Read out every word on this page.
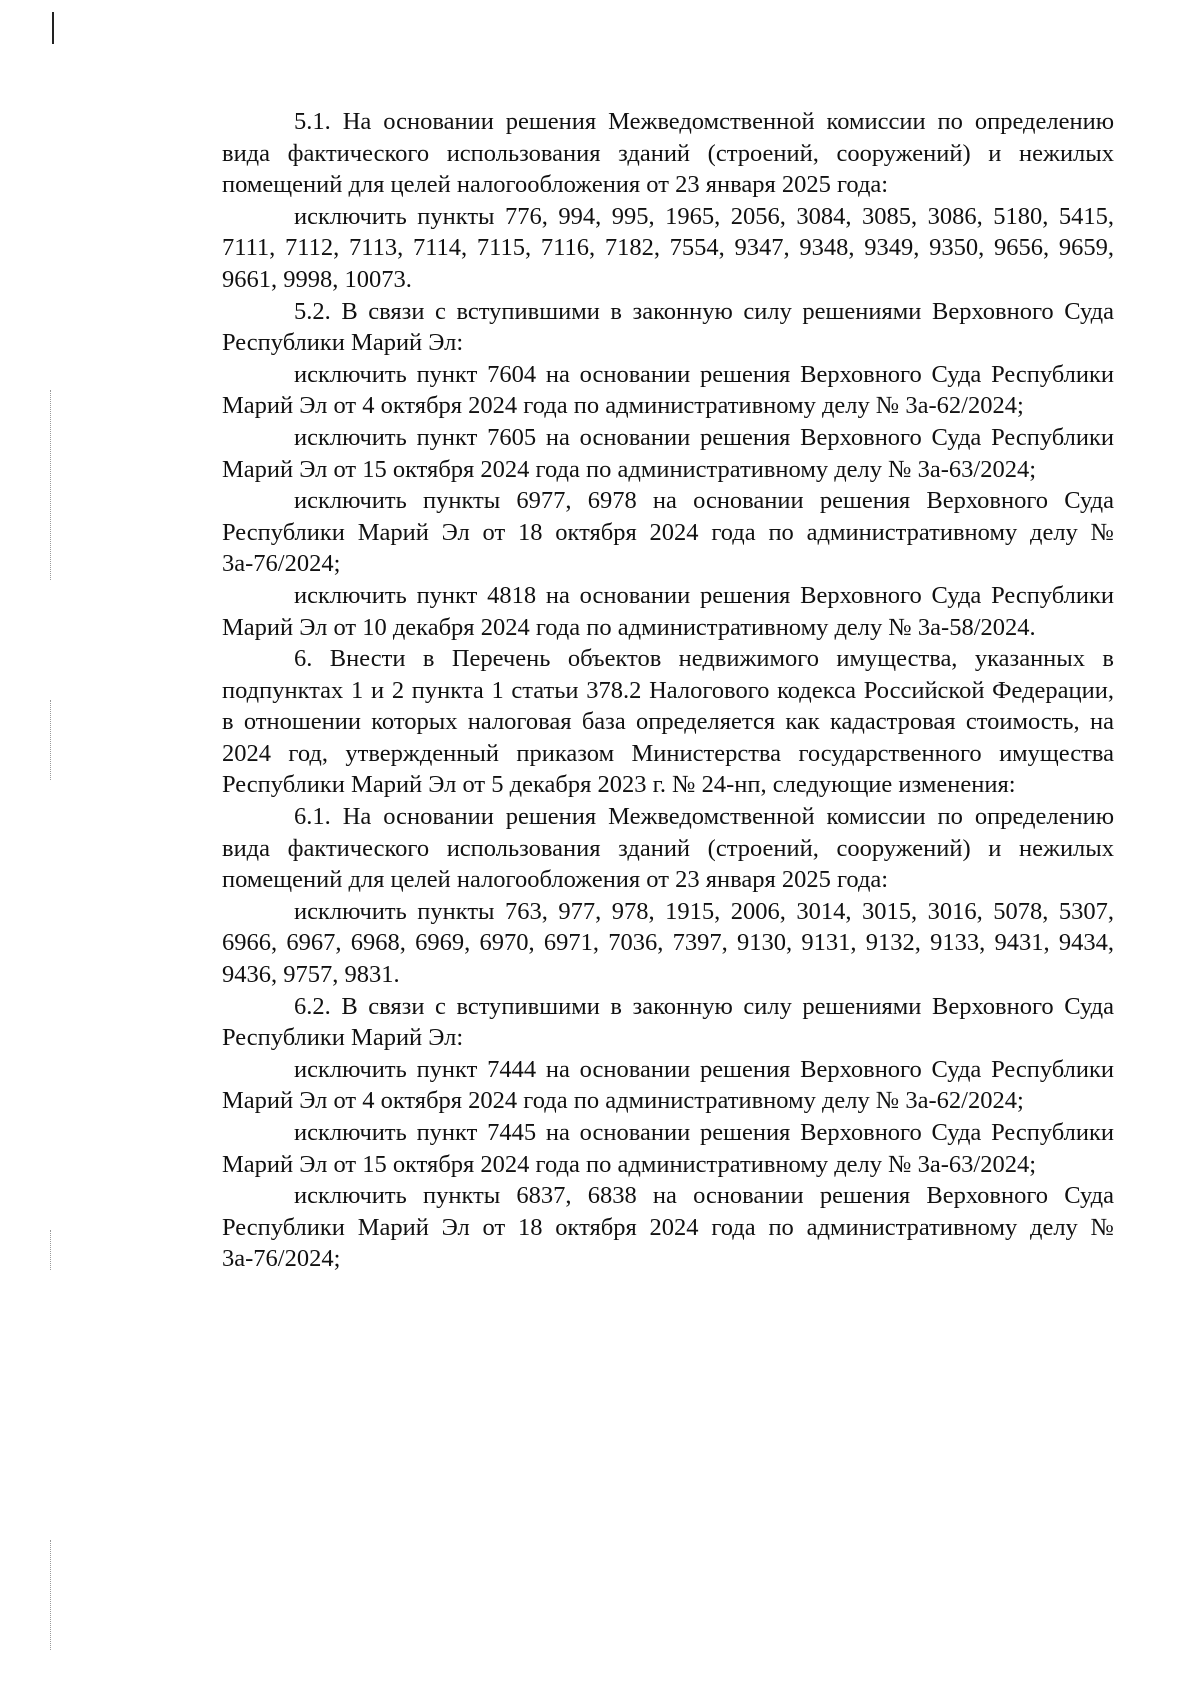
5.1. На основании решения Межведомственной комиссии по определению вида фактического использования зданий (строений, сооружений) и нежилых помещений для целей налогообложения от 23 января 2025 года:

исключить пункты 776, 994, 995, 1965, 2056, 3084, 3085, 3086, 5180, 5415, 7111, 7112, 7113, 7114, 7115, 7116, 7182, 7554, 9347, 9348, 9349, 9350, 9656, 9659, 9661, 9998, 10073.

5.2. В связи с вступившими в законную силу решениями Верховного Суда Республики Марий Эл:

исключить пункт 7604 на основании решения Верховного Суда Республики Марий Эл от 4 октября 2024 года по административному делу № 3а-62/2024;

исключить пункт 7605 на основании решения Верховного Суда Республики Марий Эл от 15 октября 2024 года по административному делу № 3а-63/2024;

исключить пункты 6977, 6978 на основании решения Верховного Суда Республики Марий Эл от 18 октября 2024 года по административному делу № 3а-76/2024;

исключить пункт 4818 на основании решения Верховного Суда Республики Марий Эл от 10 декабря 2024 года по административному делу № 3а-58/2024.

6. Внести в Перечень объектов недвижимого имущества, указанных в подпунктах 1 и 2 пункта 1 статьи 378.2 Налогового кодекса Российской Федерации, в отношении которых налоговая база определяется как кадастровая стоимость, на 2024 год, утвержденный приказом Министерства государственного имущества Республики Марий Эл от 5 декабря 2023 г. № 24-нп, следующие изменения:

6.1. На основании решения Межведомственной комиссии по определению вида фактического использования зданий (строений, сооружений) и нежилых помещений для целей налогообложения от 23 января 2025 года:

исключить пункты 763, 977, 978, 1915, 2006, 3014, 3015, 3016, 5078, 5307, 6966, 6967, 6968, 6969, 6970, 6971, 7036, 7397, 9130, 9131, 9132, 9133, 9431, 9434, 9436, 9757, 9831.

6.2. В связи с вступившими в законную силу решениями Верховного Суда Республики Марий Эл:

исключить пункт 7444 на основании решения Верховного Суда Республики Марий Эл от 4 октября 2024 года по административному делу № 3а-62/2024;

исключить пункт 7445 на основании решения Верховного Суда Республики Марий Эл от 15 октября 2024 года по административному делу № 3а-63/2024;

исключить пункты 6837, 6838 на основании решения Верховного Суда Республики Марий Эл от 18 октября 2024 года по административному делу № 3а-76/2024;
